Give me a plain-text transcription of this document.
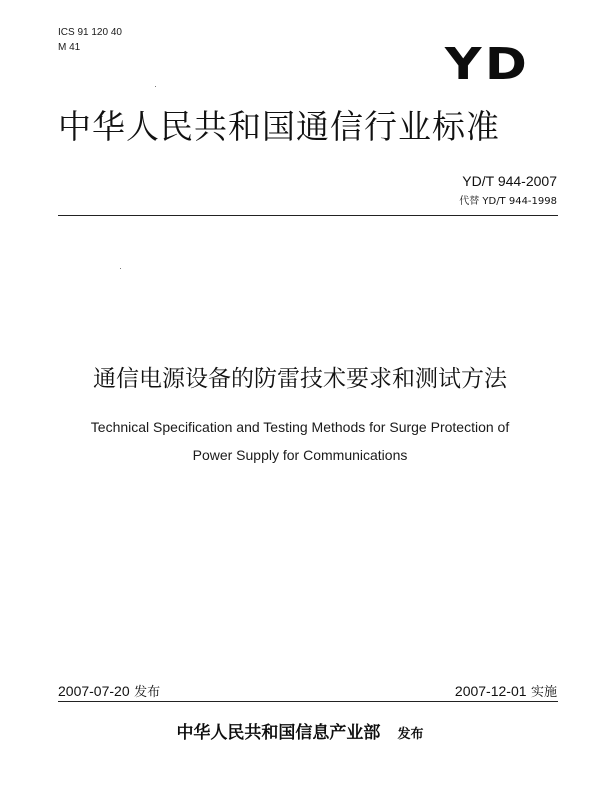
ICS 91 120 40
M 41	YD
中华人民共和国通信行业标准
YD/T 944-2007
代替 YD/T 944-1998
通信电源设备的防雷技术要求和测试方法
Technical Specification and Testing Methods for Surge Protection of
Power Supply for Communications
2007-07-20 发布	2007-12-01 实施
中华人民共和国信息产业部 发布
